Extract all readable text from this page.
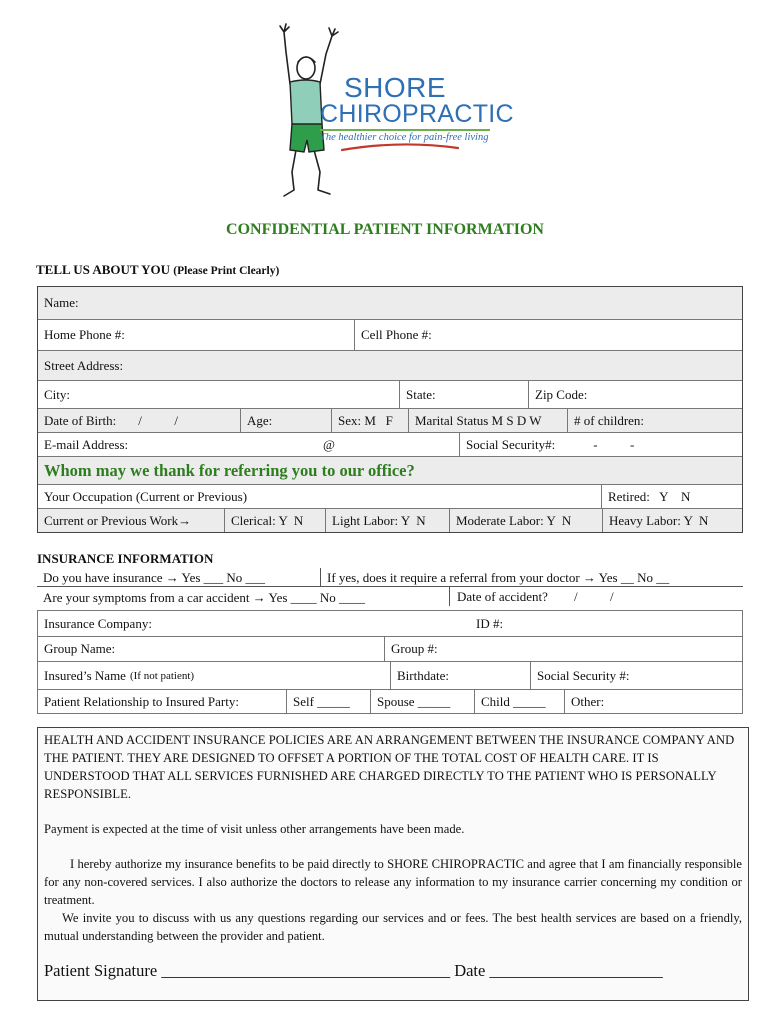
SHORE
CHIROPRACTIC
The healthier choice for pain-free living
CONFIDENTIAL PATIENT INFORMATION
TELL US ABOUT YOU (Please Print Clearly)
Name:
Home Phone #:	Cell Phone #:
Street Address:
City:	State:	Zip Code:
Date of Birth: /          /	Age:	Sex: M   F	Marital Status M S D W	# of children:
E-mail Address:	@	Social Security#:	-          -
Whom may we thank for referring you to our office?
Your Occupation (Current or Previous)	Retired:   Y    N
Current or Previous Work→	Clerical: Y  N	Light Labor: Y  N	Moderate Labor: Y  N	Heavy Labor: Y  N
INSURANCE INFORMATION
Do you have insurance → Yes ___ No ___	If yes, does it require a referral from your doctor → Yes __ No __
Are your symptoms from a car accident → Yes ____ No ____	Date of accident?        /          /
Insurance Company:	ID #:
Group Name:	Group #:
Insured’s Name (If not patient)	Birthdate:	Social Security #:
Patient Relationship to Insured Party:	Self _____	Spouse _____	Child _____	Other:
HEALTH AND ACCIDENT INSURANCE POLICIES ARE AN ARRANGEMENT BETWEEN THE INSURANCE COMPANY AND THE PATIENT. THEY ARE DESIGNED TO OFFSET A PORTION OF THE TOTAL COST OF HEALTH CARE. IT IS UNDERSTOOD THAT ALL SERVICES FURNISHED ARE CHARGED DIRECTLY TO THE PATIENT WHO IS PERSONALLY RESPONSIBLE.
Payment is expected at the time of visit unless other arrangements have been made.
I hereby authorize my insurance benefits to be paid directly to SHORE CHIROPRACTIC and agree that I am financially responsible for any non-covered services. I also authorize the doctors to release any information to my insurance carrier concerning my condition or treatment.
We invite you to discuss with us any questions regarding our services and or fees. The best health services are based on a friendly, mutual understanding between the provider and patient.
Patient Signature ___________________________________ Date _____________________
